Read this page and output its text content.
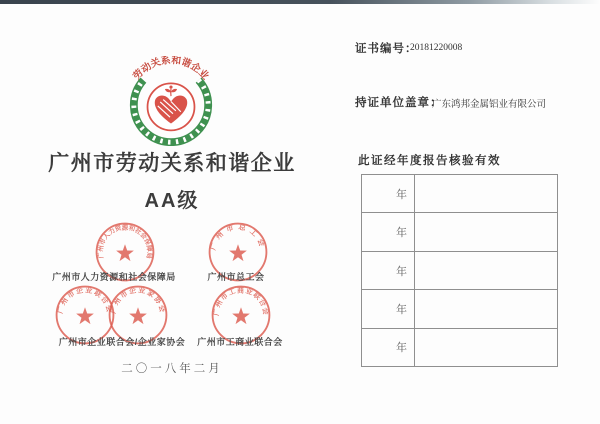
劳动关系和谐企业
广州市劳动关系和谐企业
AA级
广州市人力资源和社会保障局
广州市人力资源和社会保障局
广州市总工会
广州市总工会
广州市企业联合会
广州市企业家协会
广州市企业联合会/企业家协会
广州市工商业联合会
广州市工商业联合会
二〇一八年二月
证书编号：
20181220008
持证单位盖章：
广东鸿邦金属铝业有限公司
此证经年度报告核验有效
年
年
年
年
年
